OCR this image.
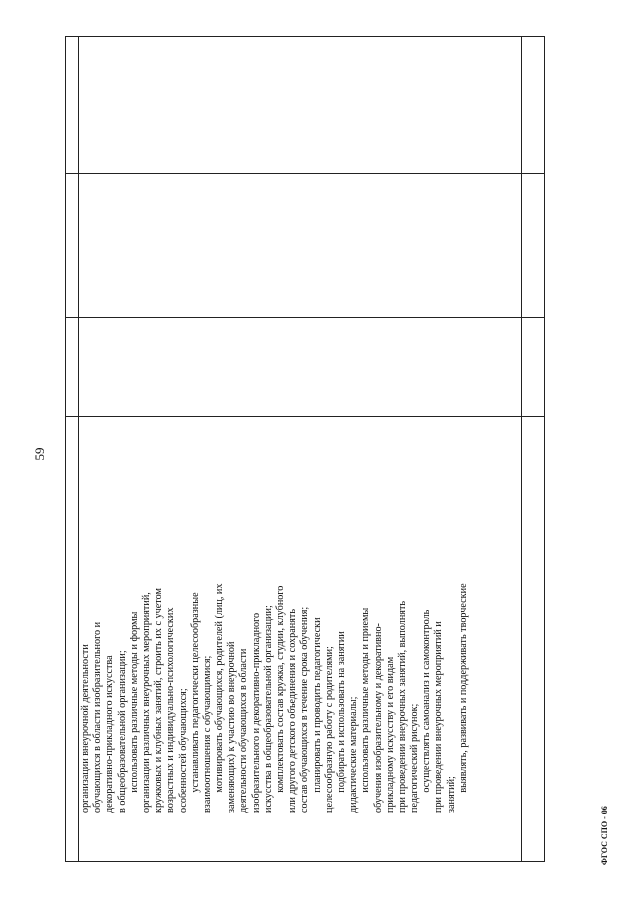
59
организации внеурочной деятельности обучающихся в области изобразительного и декоративно-прикладного искусства в общеобразовательной организации; использовать различные методы и формы организации различных внеурочных мероприятий, кружковых и клубных занятий, строить их с учетом возрастных и индивидуально-психологических особенностей обучающихся; устанавливать педагогически целесообразные взаимоотношения с обучающимися; мотивировать обучающихся, родителей (лиц, их заменяющих) к участию во внеурочной деятельности обучающихся в области изобразительного и декоративно-прикладного искусства в общеобразовательной организации; комплектовать состав кружка, студии, клубного или другого детского объединения и сохранять состав обучающихся в течение срока обучения; планировать и проводить педагогически целесообразную работу с родителями; подбирать и использовать на занятии дидактические материалы; использовать различные методы и приемы обучения изобразительному и декоративно- прикладному искусству и его видам при проведении внеурочных занятий, выполнять педагогический рисунок; осуществлять самоанализ и самоконтроль при проведении внеурочных мероприятий и занятий; выявлять, развивать и поддерживать творческие
ФГОС СПО - 06
